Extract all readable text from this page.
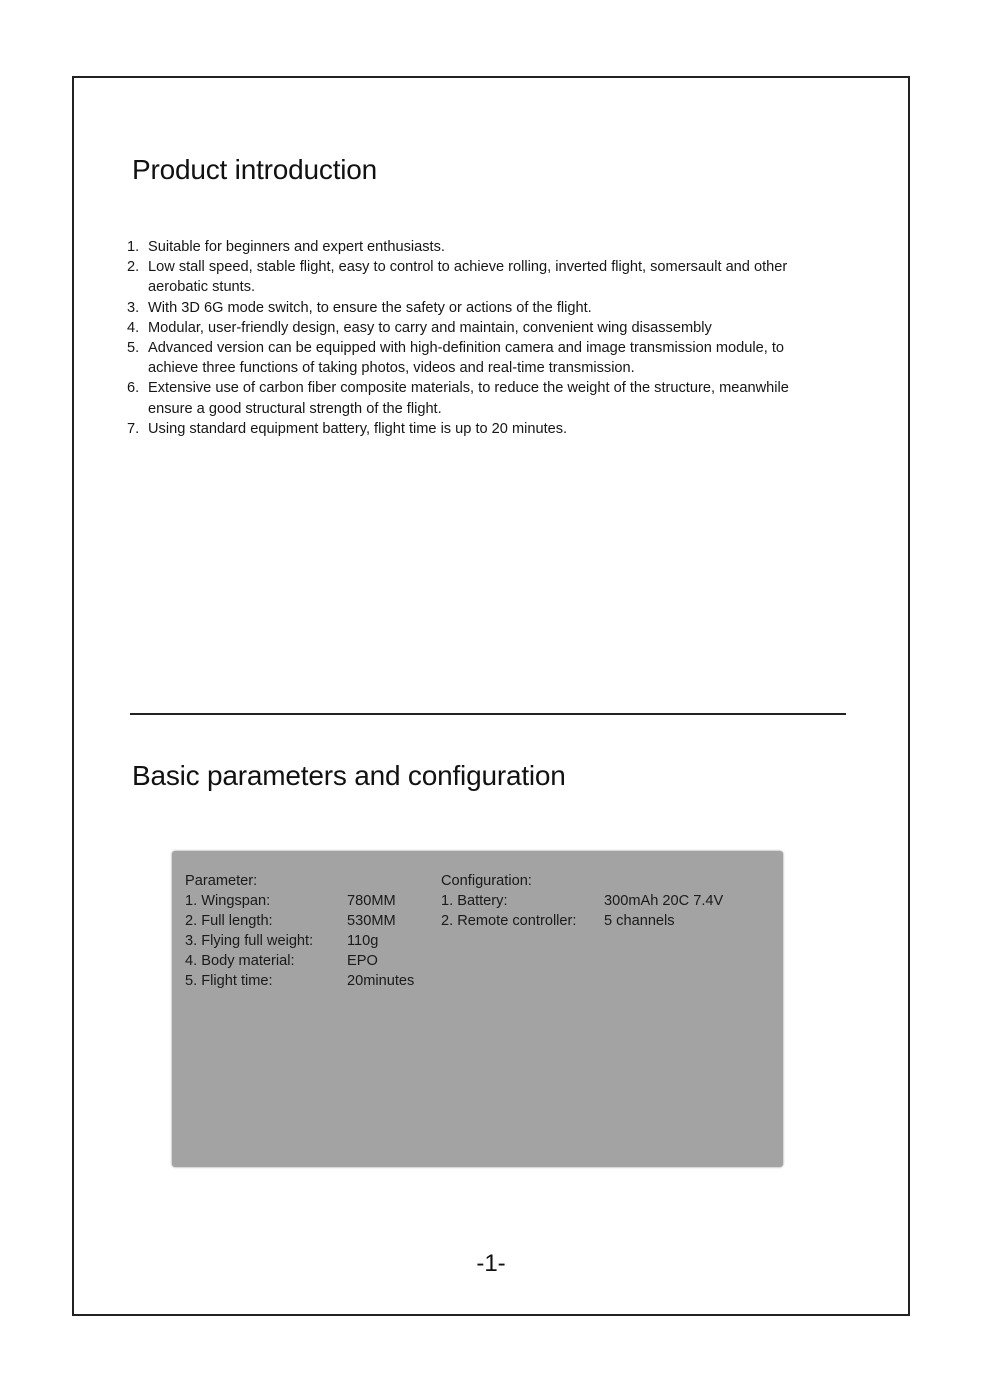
Product introduction
1. Suitable for beginners and expert enthusiasts.
2. Low stall speed, stable flight, easy to control to achieve rolling, inverted flight, somersault and other aerobatic stunts.
3. With 3D 6G mode switch, to ensure the safety or actions of the flight.
4. Modular, user-friendly design, easy to carry and maintain, convenient wing disassembly
5. Advanced version can be equipped with high-definition camera and image transmission module, to achieve three functions of taking photos, videos and real-time transmission.
6. Extensive use of carbon fiber composite materials, to reduce the weight of the structure, meanwhile ensure a good structural strength of the flight.
7. Using standard equipment battery, flight time is up to 20 minutes.
Basic parameters and configuration
Parameter:
1. Wingspan:	780MM
2. Full length:	530MM
3. Flying full weight: 110g
4. Body material:	EPO
5. Flight time:	20minutes
Configuration:
1. Battery:	300mAh 20C 7.4V
2. Remote controller: 5 channels
-1-
